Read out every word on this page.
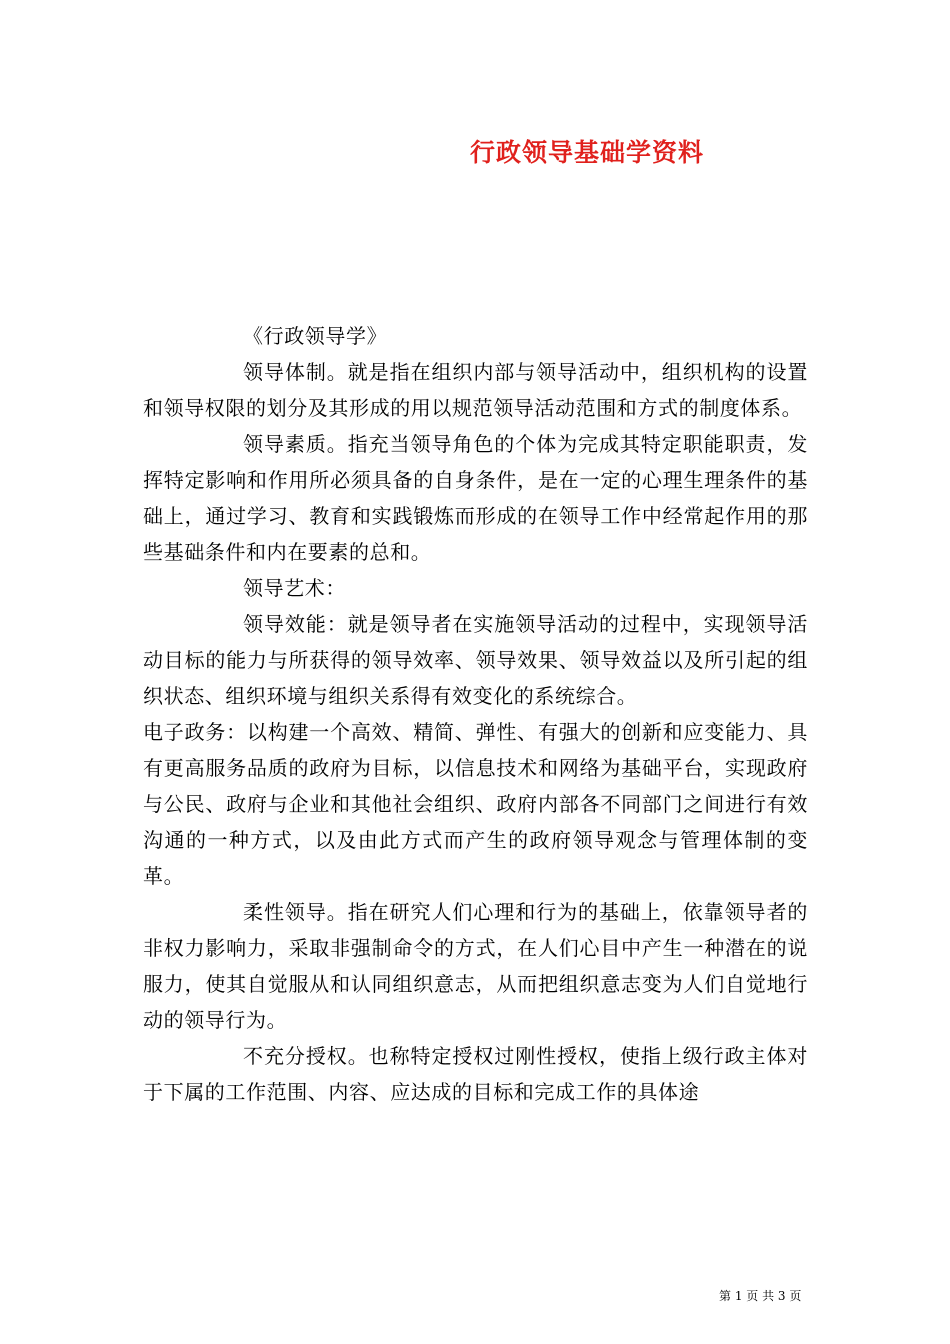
行政领导基础学资料

《行政领导学》

领导体制。就是指在组织内部与领导活动中，组织机构的设置和领导权限的划分及其形成的用以规范领导活动范围和方式的制度体系。

领导素质。指充当领导角色的个体为完成其特定职能职责，发挥特定影响和作用所必须具备的自身条件，是在一定的心理生理条件的基础上，通过学习、教育和实践锻炼而形成的在领导工作中经常起作用的那些基础条件和内在要素的总和。

领导艺术：

领导效能：就是领导者在实施领导活动的过程中，实现领导活动目标的能力与所获得的领导效率、领导效果、领导效益以及所引起的组织状态、组织环境与组织关系得有效变化的系统综合。

电子政务：以构建一个高效、精简、弹性、有强大的创新和应变能力、具有更高服务品质的政府为目标，以信息技术和网络为基础平台，实现政府与公民、政府与企业和其他社会组织、政府内部各不同部门之间进行有效沟通的一种方式，以及由此方式而产生的政府领导观念与管理体制的变革。

柔性领导。指在研究人们心理和行为的基础上，依靠领导者的非权力影响力，采取非强制命令的方式，在人们心目中产生一种潜在的说服力，使其自觉服从和认同组织意志，从而把组织意志变为人们自觉地行动的领导行为。

不充分授权。也称特定授权过刚性授权，使指上级行政主体对于下属的工作范围、内容、应达成的目标和完成工作的具体途

第 1 页 共 3 页
